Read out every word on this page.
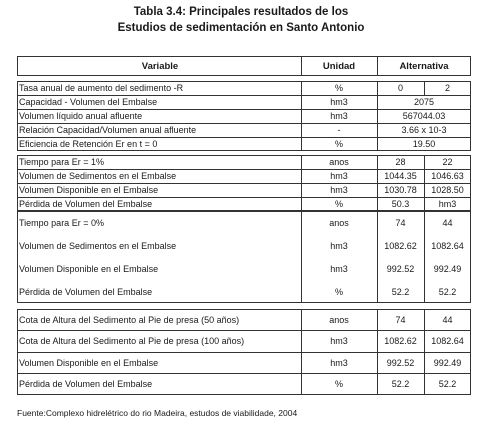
Tabla 3.4: Principales resultados de los
Estudios de sedimentación en Santo Antonio
Variable	Unidad	Alternativa
Tasa anual de aumento del sedimento -R	%	0	2
Capacidad - Volumen del Embalse	hm3	2075
Volumen líquido anual afluente	hm3	567044.03
Relación Capacidad/Volumen anual afluente	-	3.66 x 10-3
Eficiencia de Retención Er en t = 0	%	19.50
Tiempo para Er = 1%	anos	28	22
Volumen de Sedimentos en el Embalse	hm3	1044.35	1046.63
Volumen Disponible en el Embalse	hm3	1030.78	1028.50
Pérdida de Volumen del Embalse	%	50.3	hm3
Tiempo para Er = 0%	anos	74	44
Volumen de Sedimentos en el Embalse	hm3	1082.62	1082.64
Volumen Disponible en el Embalse	hm3	992.52	992.49
Pérdida de Volumen del Embalse	%	52.2	52.2
Cota de Altura del Sedimento al Pie de presa (50 años)	anos	74	44
Cota de Altura del Sedimento al Pie de presa (100 años)	hm3	1082.62	1082.64
Volumen Disponible en el Embalse	hm3	992.52	992.49
Pérdida de Volumen del Embalse	%	52.2	52.2
Fuente:Complexo hidrelétrico do rio Madeira, estudos de viabilidade, 2004
